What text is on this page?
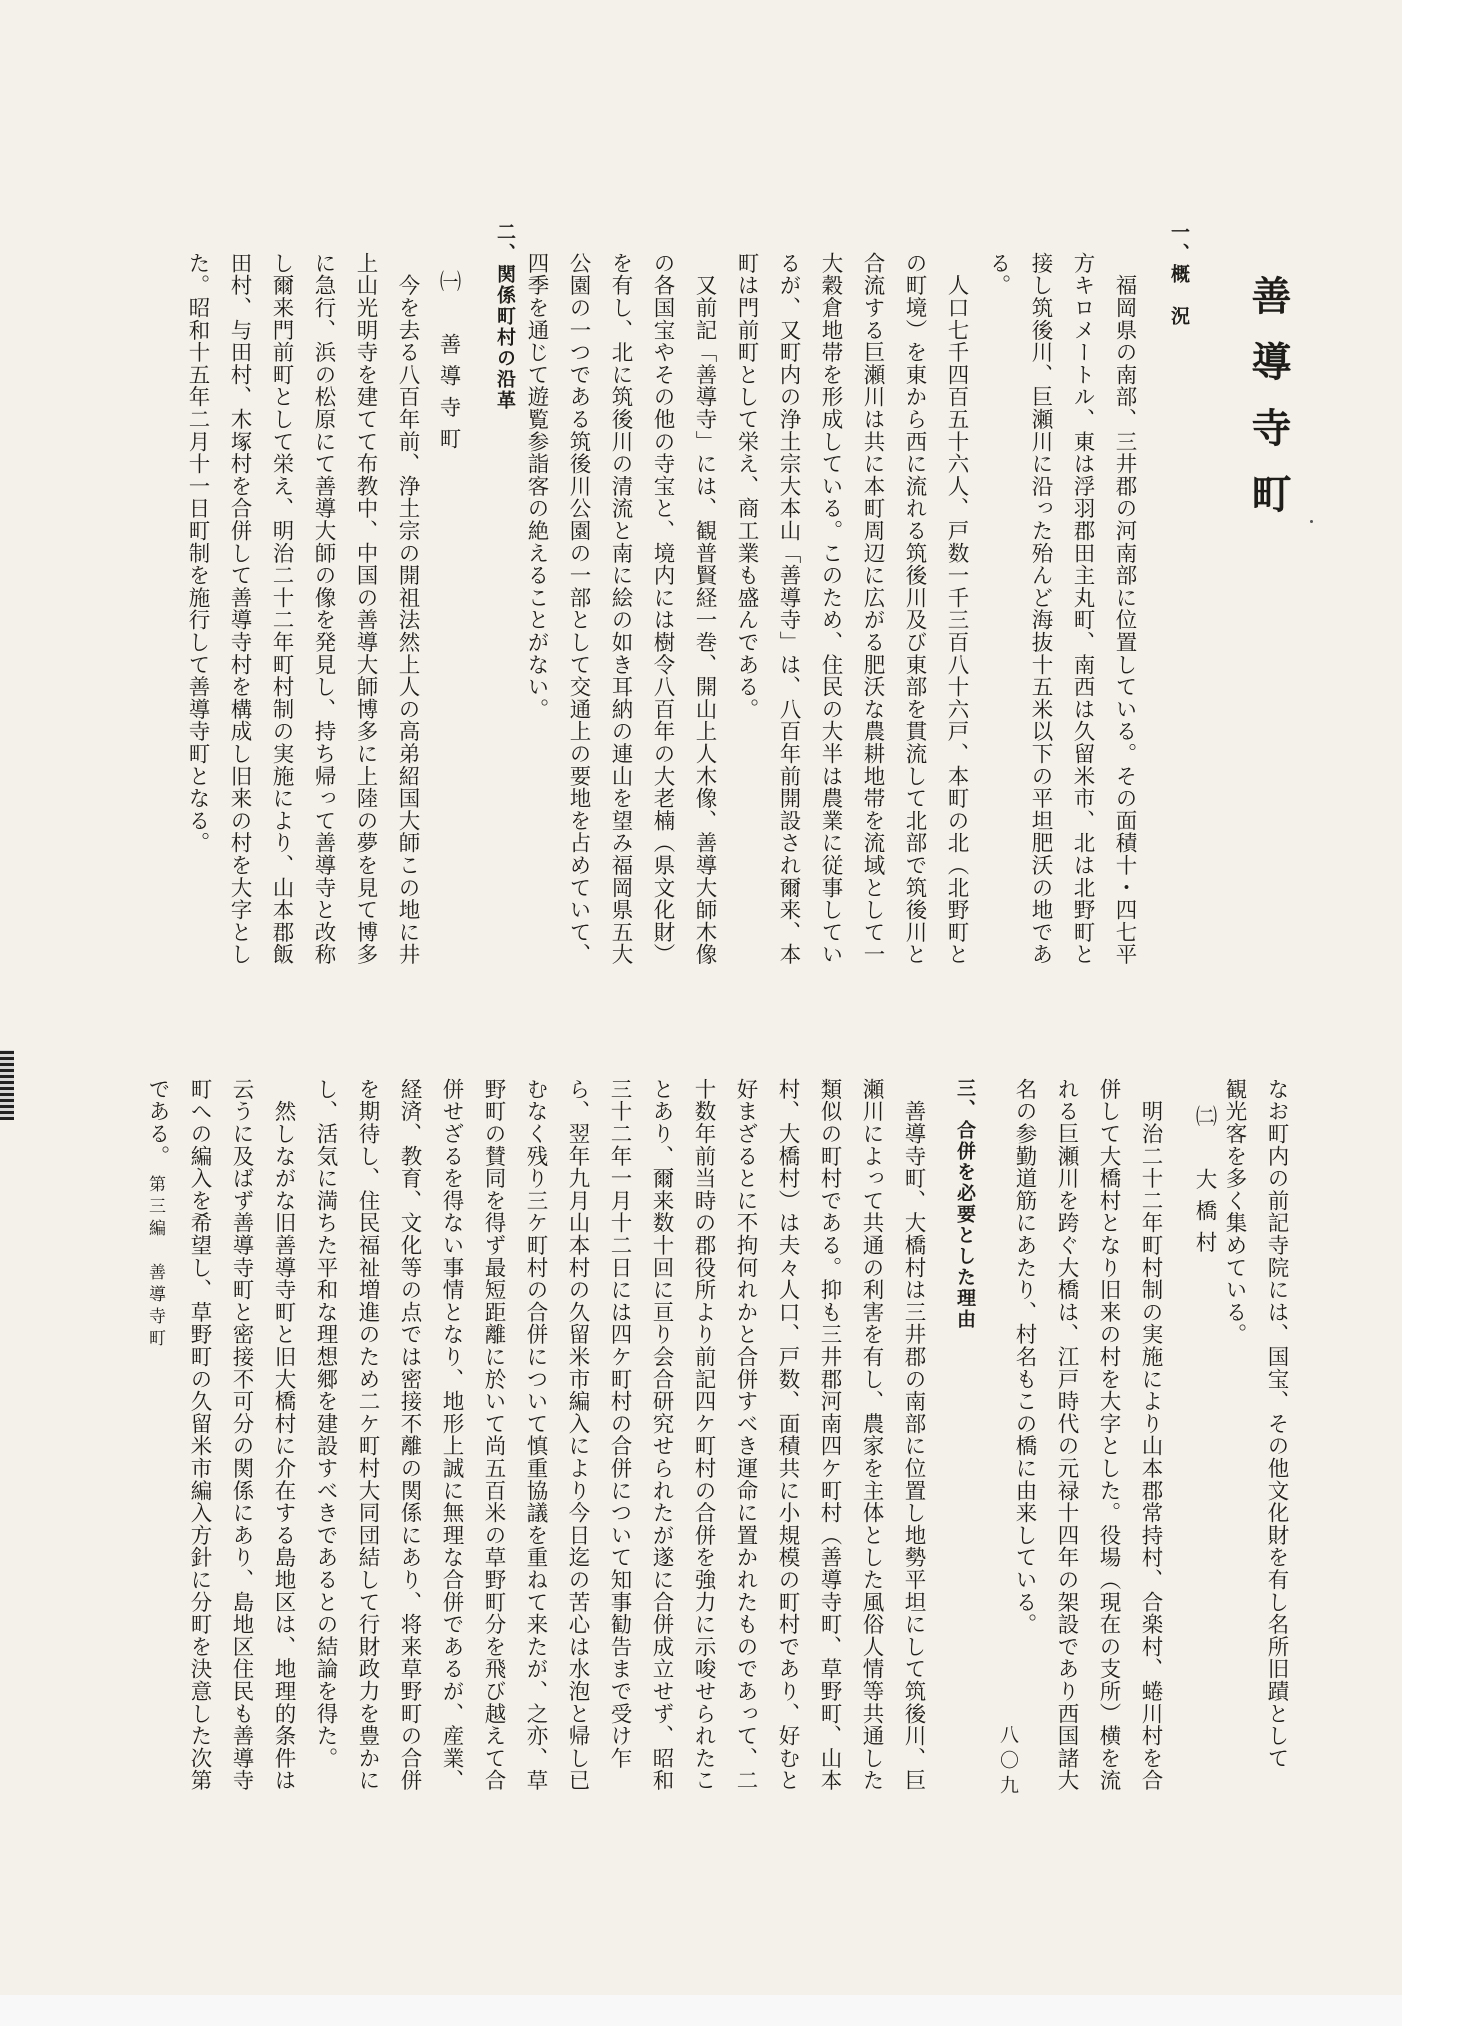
善導寺町
一、概　況
　福岡県の南部、三井郡の河南部に位置している。その面積十・四七平
方キロメートル、東は浮羽郡田主丸町、南西は久留米市、北は北野町と
接し筑後川、巨瀬川に沿った殆んど海抜十五米以下の平坦肥沃の地であ
る。
　人口七千四百五十六人、戸数一千三百八十六戸、本町の北（北野町と
の町境）を東から西に流れる筑後川及び東部を貫流して北部で筑後川と
合流する巨瀬川は共に本町周辺に広がる肥沃な農耕地帯を流域として一
大穀倉地帯を形成している。このため、住民の大半は農業に従事してい
るが、又町内の浄土宗大本山「善導寺」は、八百年前開設され爾来、本
町は門前町として栄え、商工業も盛んである。
　又前記「善導寺」には、観普賢経一巻、開山上人木像、善導大師木像
の各国宝やその他の寺宝と、境内には樹令八百年の大老楠（県文化財）
を有し、北に筑後川の清流と南に絵の如き耳納の連山を望み福岡県五大
公園の一つである筑後川公園の一部として交通上の要地を占めていて、
四季を通じて遊覧参詣客の絶えることがない。
二、関係町村の沿革
㈠　善導寺町
　今を去る八百年前、浄土宗の開祖法然上人の高弟紹国大師この地に井
上山光明寺を建てて布教中、中国の善導大師博多に上陸の夢を見て博多
に急行、浜の松原にて善導大師の像を発見し、持ち帰って善導寺と改称
し爾来門前町として栄え、明治二十二年町村制の実施により、山本郡飯
田村、与田村、木塚村を合併して善導寺村を構成し旧来の村を大字とし
た。昭和十五年二月十一日町制を施行して善導寺町となる。
なお町内の前記寺院には、国宝、その他文化財を有し名所旧蹟として
観光客を多く集めている。
㈡　大橋村
　明治二十二年町村制の実施により山本郡常持村、合楽村、蜷川村を合
併して大橋村となり旧来の村を大字とした。役場（現在の支所）横を流
れる巨瀬川を跨ぐ大橋は、江戸時代の元禄十四年の架設であり西国諸大
名の参勤道筋にあたり、村名もこの橋に由来している。
三、合併を必要とした理由
　善導寺町、大橋村は三井郡の南部に位置し地勢平坦にして筑後川、巨
瀬川によって共通の利害を有し、農家を主体とした風俗人情等共通した
類似の町村である。抑も三井郡河南四ケ町村（善導寺町、草野町、山本
村、大橋村）は夫々人口、戸数、面積共に小規模の町村であり、好むと
好まざるとに不拘何れかと合併すべき運命に置かれたものであって、二
十数年前当時の郡役所より前記四ケ町村の合併を強力に示唆せられたこ
とあり、爾来数十回に亘り会合研究せられたが遂に合併成立せず、昭和
三十二年一月十二日には四ケ町村の合併について知事勧告まで受け乍
ら、翌年九月山本村の久留米市編入により今日迄の苦心は水泡と帰し已
むなく残り三ケ町村の合併について慎重協議を重ねて来たが、之亦、草
野町の賛同を得ず最短距離に於いて尚五百米の草野町分を飛び越えて合
併せざるを得ない事情となり、地形上誠に無理な合併であるが、産業、
経済、教育、文化等の点では密接不離の関係にあり、将来草野町の合併
を期待し、住民福祉増進のため二ケ町村大同団結して行財政力を豊かに
し、活気に満ちた平和な理想郷を建設すべきであるとの結論を得た。
　然しながな旧善導寺町と旧大橋村に介在する島地区は、地理的条件は
云うに及ばず善導寺町と密接不可分の関係にあり、島地区住民も善導寺
町への編入を希望し、草野町の久留米市編入方針に分町を決意した次第
である。
第三編　善導寺町
八〇九
